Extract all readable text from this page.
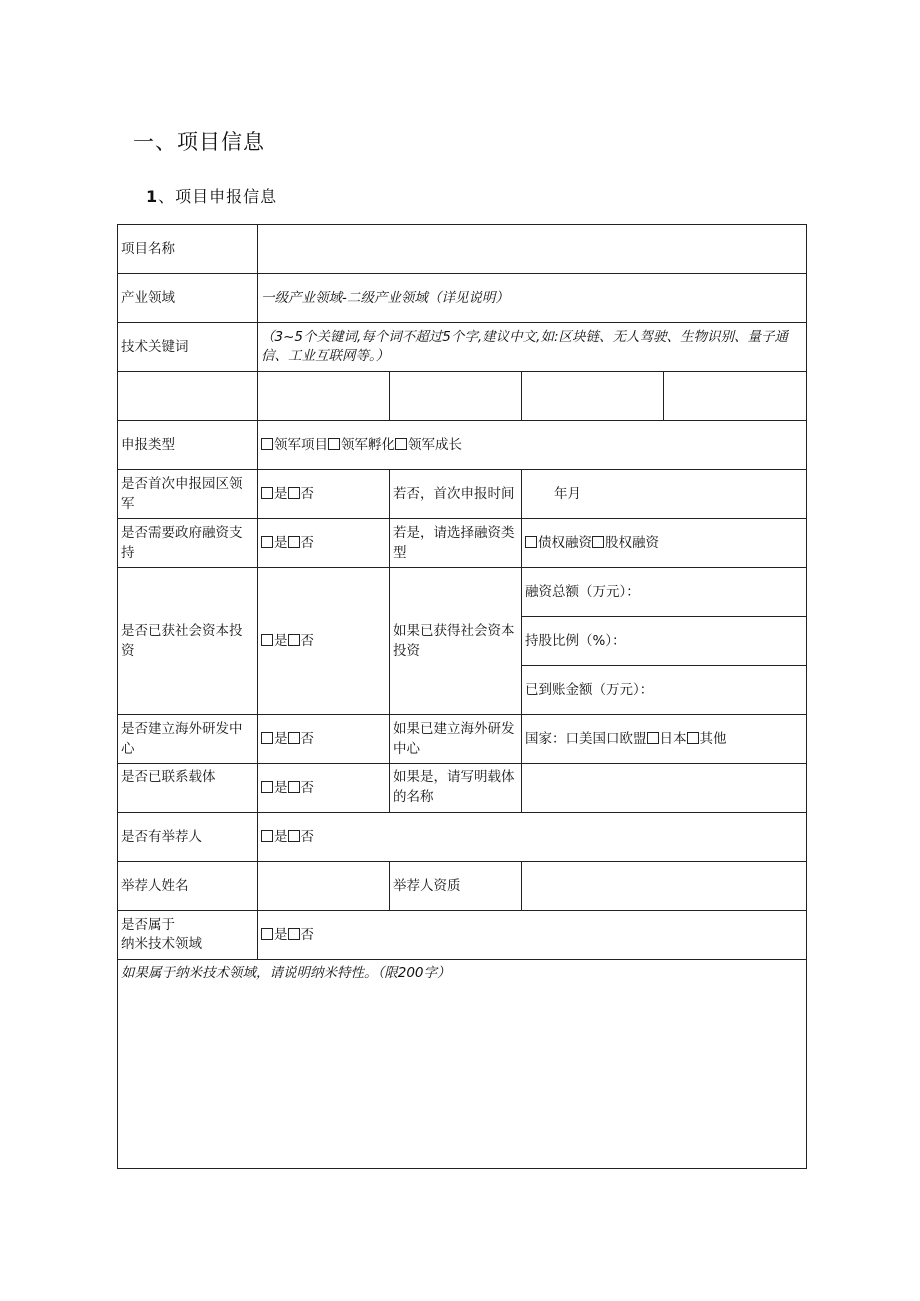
一、项目信息
1、项目申报信息
项目名称				
产业领域	一级产业领域-二级产业领域（详见说明）			
技术关键词	（3~5个关键词,每个词不超过5个字,建议中文,如:区块链、无人驾驶、生物识别、量子通信、工业互联网等。）			

申报类型	领军项目 领军孵化 领军成长			
是否首次申报园区领军	是 否	若否，首次申报时间	年月	
是否需要政府融资支持	是 否	若是，请选择融资类型	债权融资 股权融资	
是否已获社会资本投资	是 否	如果已获得社会资本投资	融资总额（万元）：	
			持股比例（%）：	
			已到账金额（万元）：	
是否建立海外研发中心	是 否	如果已建立海外研发中心	国家：口美国口欧盟 日本 其他	
是否已联系载体	是 否	如果是，请写明载体的名称		
是否有举荐人	是 否			
举荐人姓名		举荐人资质		
是否属于
纳米技术领域	是 否			
如果属于纳米技术领域，请说明纳米特性。（限200字）				
